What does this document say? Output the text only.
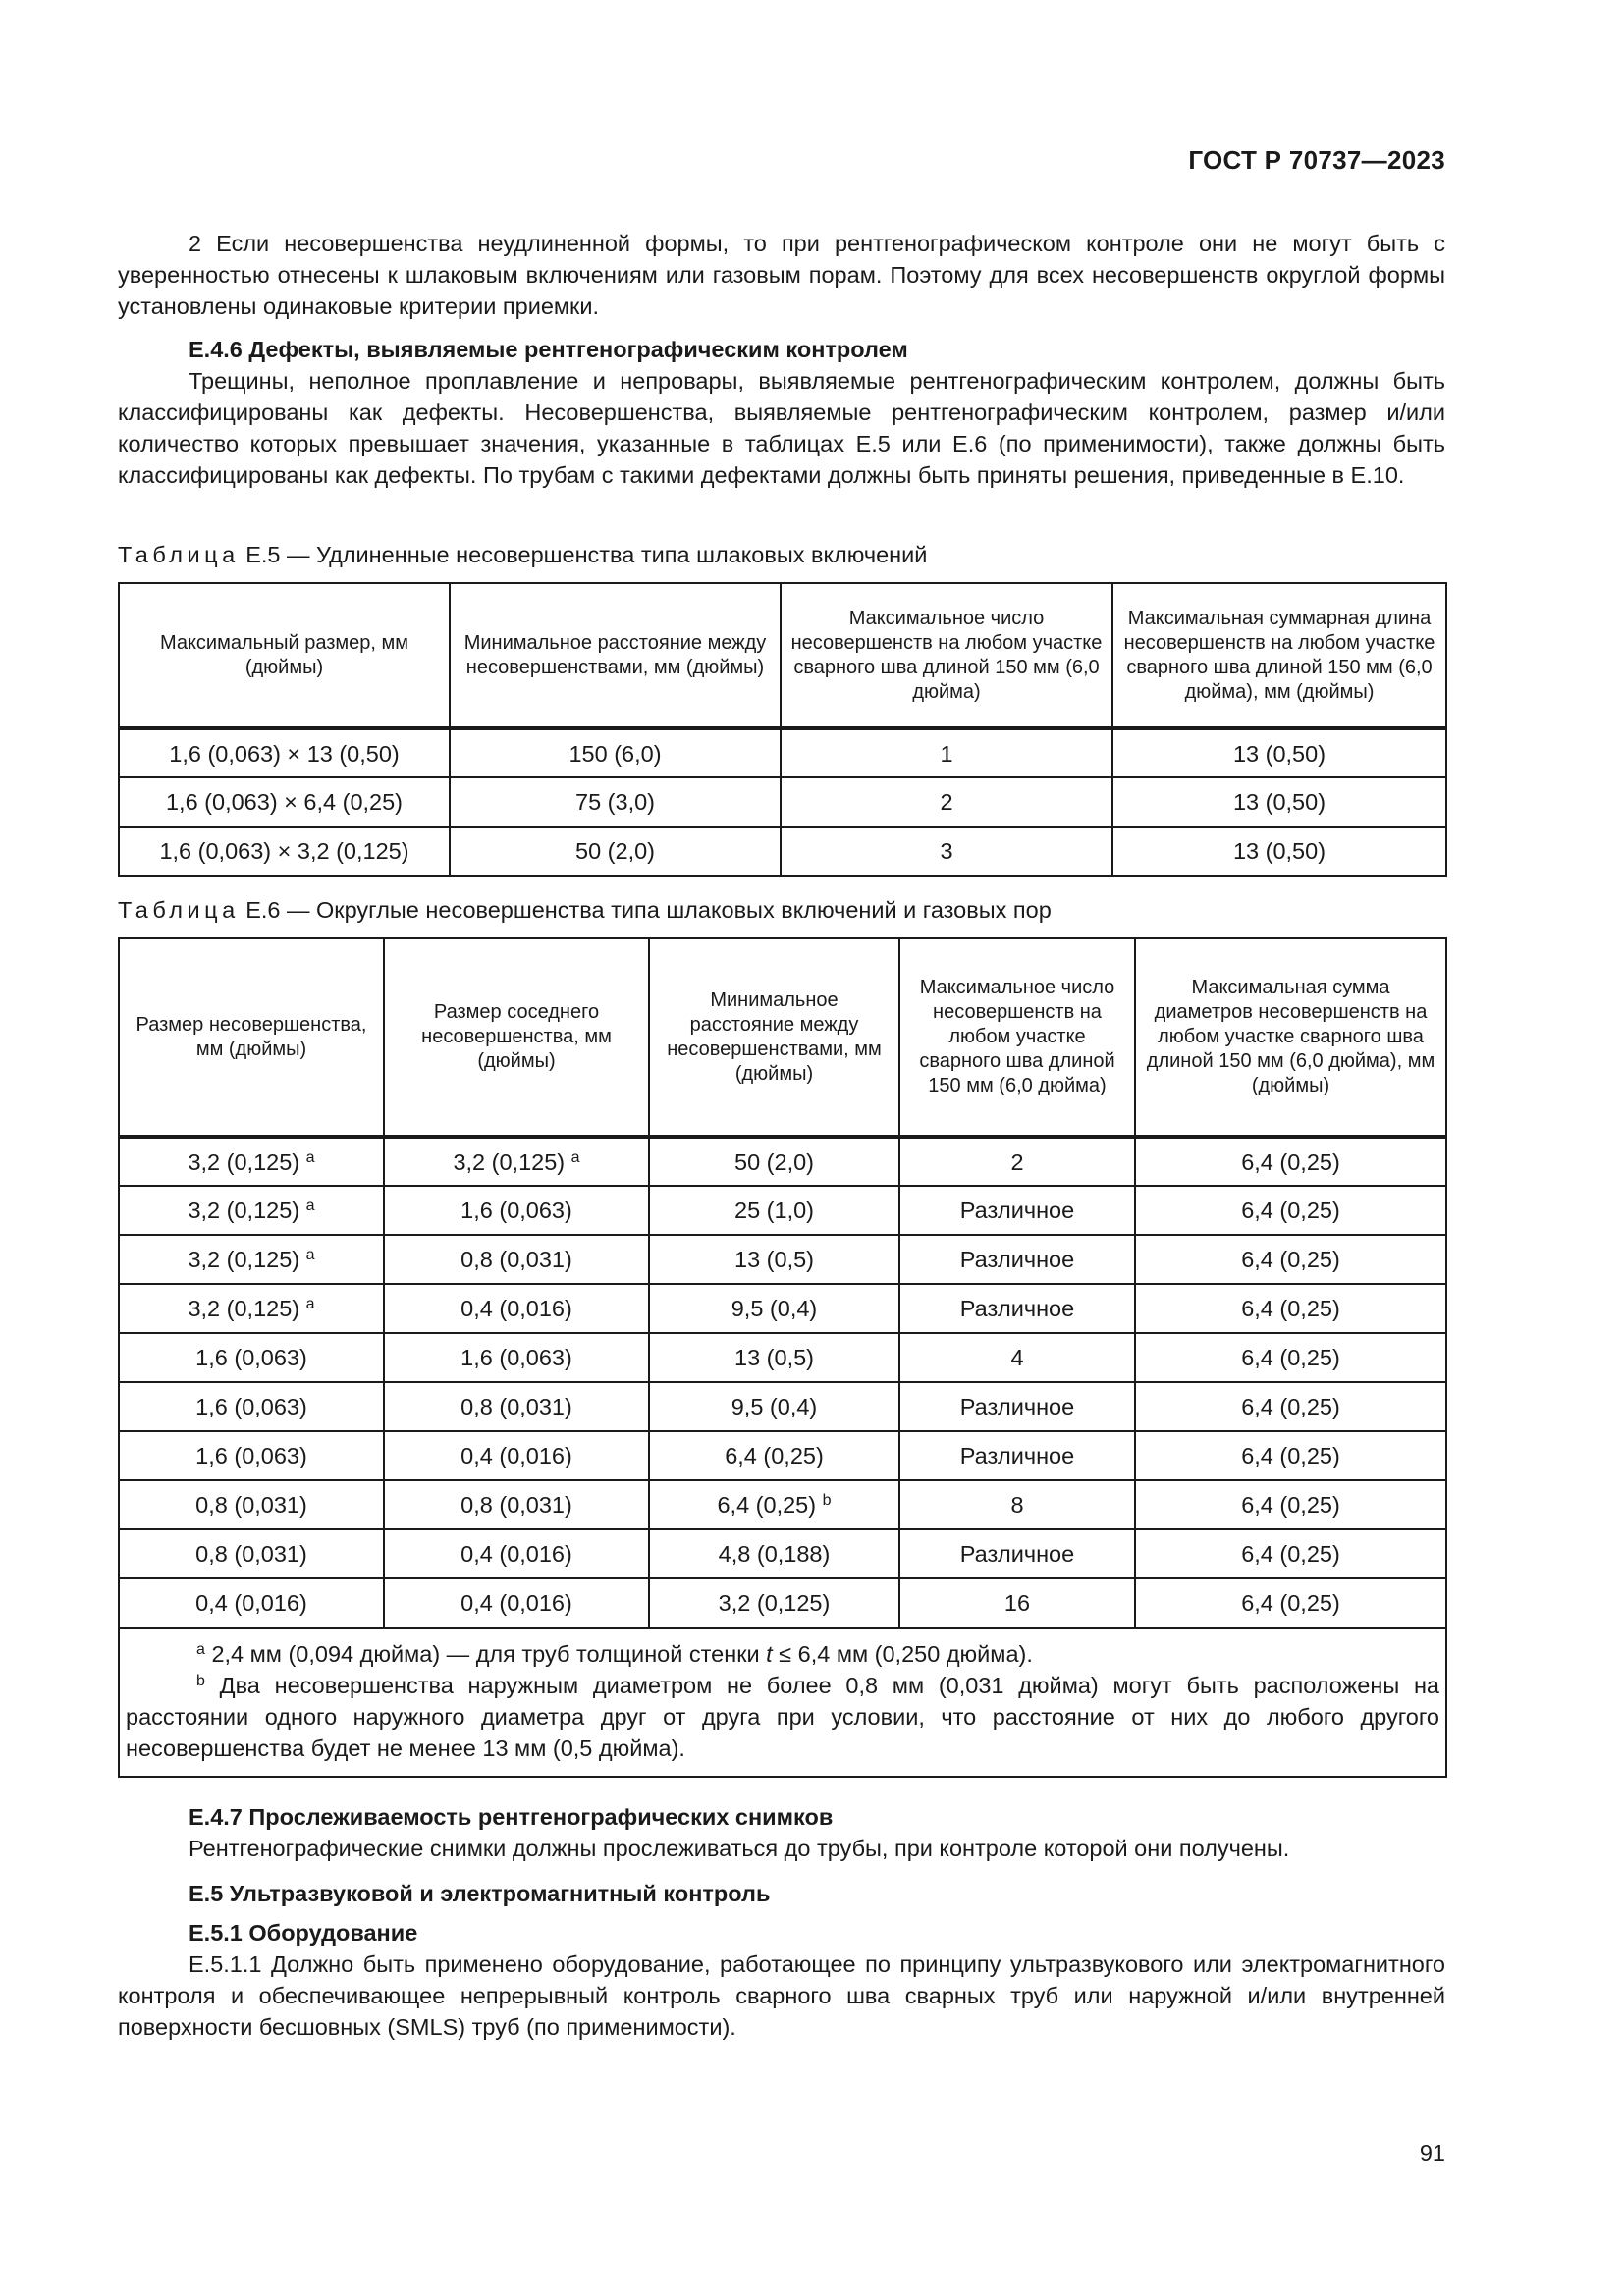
ГОСТ Р 70737—2023
2 Если несовершенства неудлиненной формы, то при рентгенографическом контроле они не могут быть с уверенностью отнесены к шлаковым включениям или газовым порам. Поэтому для всех несовершенств округлой формы установлены одинаковые критерии приемки.
Е.4.6 Дефекты, выявляемые рентгенографическим контролем
Трещины, неполное проплавление и непровары, выявляемые рентгенографическим контролем, должны быть классифицированы как дефекты. Несовершенства, выявляемые рентгенографическим контролем, размер и/или количество которых превышает значения, указанные в таблицах Е.5 или Е.6 (по применимости), также должны быть классифицированы как дефекты. По трубам с такими дефектами должны быть приняты решения, приведенные в Е.10.
Таблица Е.5 — Удлиненные несовершенства типа шлаковых включений
Максимальный размер, мм (дюймы)	Минимальное расстояние между несовершенствами, мм (дюймы)	Максимальное число несовершенств на любом участке сварного шва длиной 150 мм (6,0 дюйма)	Максимальная суммарная длина несовершенств на любом участке сварного шва длиной 150 мм (6,0 дюйма), мм (дюймы)
1,6 (0,063) × 13 (0,50)	150 (6,0)	1	13 (0,50)
1,6 (0,063) × 6,4 (0,25)	75 (3,0)	2	13 (0,50)
1,6 (0,063) × 3,2 (0,125)	50 (2,0)	3	13 (0,50)
Таблица Е.6 — Округлые несовершенства типа шлаковых включений и газовых пор
Размер несовершенства, мм (дюймы)	Размер соседнего несовершенства, мм (дюймы)	Минимальное расстояние между несовершенствами, мм (дюймы)	Максимальное число несовершенств на любом участке сварного шва длиной 150 мм (6,0 дюйма)	Максимальная сумма диаметров несовершенств на любом участке сварного шва длиной 150 мм (6,0 дюйма), мм (дюймы)
3,2 (0,125) $^a$	3,2 (0,125) $^a$	50 (2,0)	2	6,4 (0,25)
3,2 (0,125) $^a$	1,6 (0,063)	25 (1,0)	Различное	6,4 (0,25)
3,2 (0,125) $^a$	0,8 (0,031)	13 (0,5)	Различное	6,4 (0,25)
3,2 (0,125) $^a$	0,4 (0,016)	9,5 (0,4)	Различное	6,4 (0,25)
1,6 (0,063)	1,6 (0,063)	13 (0,5)	4	6,4 (0,25)
1,6 (0,063)	0,8 (0,031)	9,5 (0,4)	Различное	6,4 (0,25)
1,6 (0,063)	0,4 (0,016)	6,4 (0,25)	Различное	6,4 (0,25)
0,8 (0,031)	0,8 (0,031)	6,4 (0,25) $^b$	8	6,4 (0,25)
0,8 (0,031)	0,4 (0,016)	4,8 (0,188)	Различное	6,4 (0,25)
0,4 (0,016)	0,4 (0,016)	3,2 (0,125)	16	6,4 (0,25)

$^a$ 2,4 мм (0,094 дюйма) — для труб толщиной стенки t ≤ 6,4 мм (0,250 дюйма).

$^b$ Два несовершенства наружным диаметром не более 0,8 мм (0,031 дюйма) могут быть расположены на расстоянии одного наружного диаметра друг от друга при условии, что расстояние от них до любого другого несовершенства будет не менее 13 мм (0,5 дюйма).				

Е.4.7 Прослеживаемость рентгенографических снимков
Рентгенографические снимки должны прослеживаться до трубы, при контроле которой они получены.
Е.5 Ультразвуковой и электромагнитный контроль
Е.5.1 Оборудование
Е.5.1.1 Должно быть применено оборудование, работающее по принципу ультразвукового или электромагнитного контроля и обеспечивающее непрерывный контроль сварного шва сварных труб или наружной и/или внутренней поверхности бесшовных (SMLS) труб (по применимости).
91
